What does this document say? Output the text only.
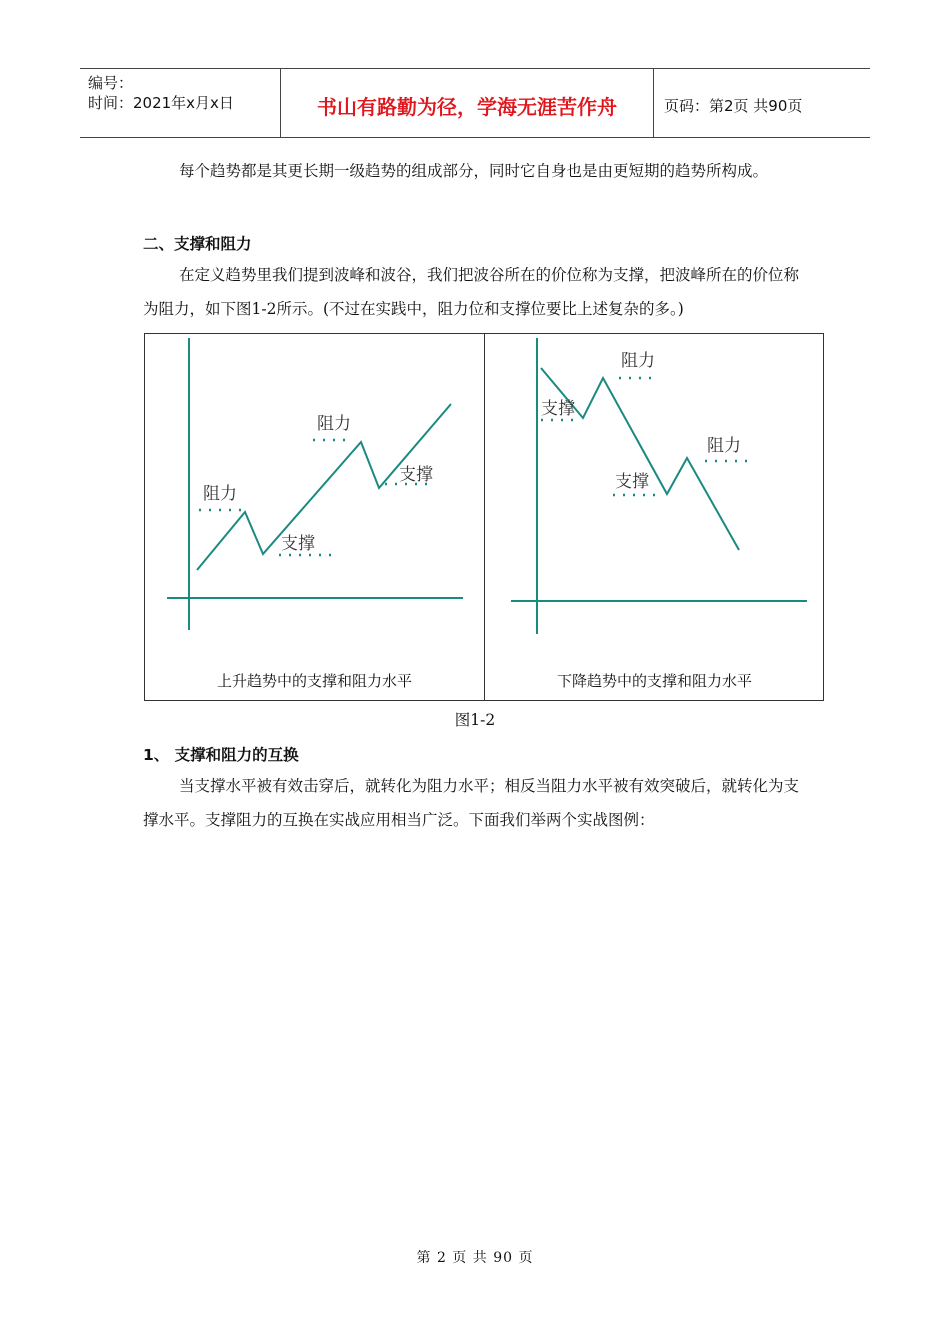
编号：
时间：2021年x月x日	书山有路勤为径，学海无涯苦作舟	页码：第2页 共90页

每个趋势都是其更长期一级趋势的组成部分，同时它自身也是由更短期的趋势所构成。

二、支撑和阻力

在定义趋势里我们提到波峰和波谷，我们把波谷所在的价位称为支撑，把波峰所在的价位称为阻力，如下图1-2所示。(不过在实践中，阻力位和支撑位要比上述复杂的多。)

阻力
支撑
阻力
支撑
上升趋势中的支撑和阻力水平
支撑
阻力
支撑
阻力
下降趋势中的支撑和阻力水平
图1-2
1、 支撑和阻力的互换

当支撑水平被有效击穿后，就转化为阻力水平；相反当阻力水平被有效突破后，就转化为支撑水平。支撑阻力的互换在实战应用相当广泛。下面我们举两个实战图例：

第 2 页 共 90 页
